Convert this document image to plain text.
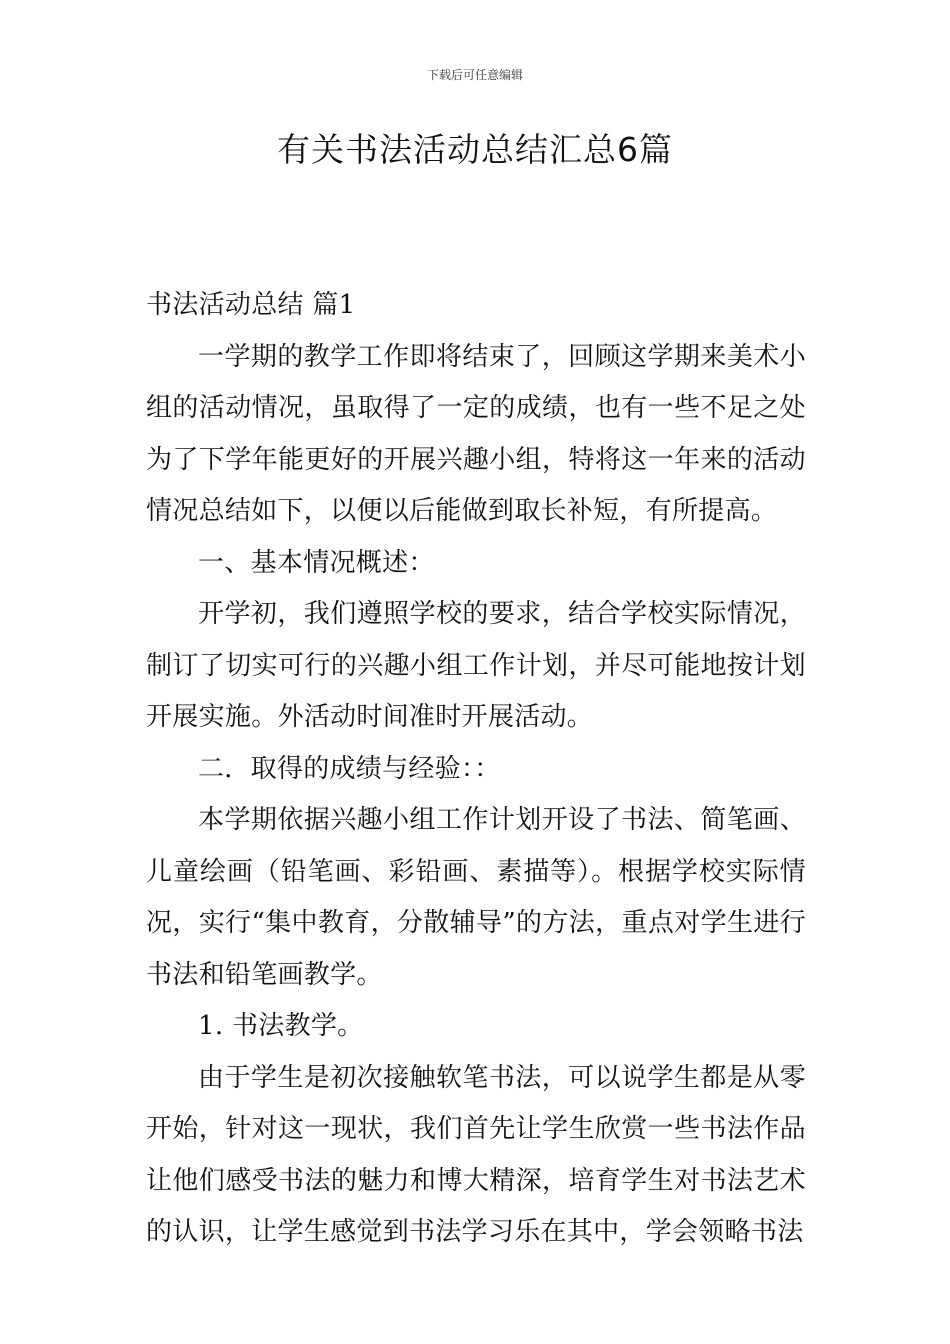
下载后可任意编辑
有关书法活动总结汇总6篇

书法活动总结 篇1

一学期的教学工作即将结束了，回顾这学期来美术小组的活动情况，虽取得了一定的成绩，也有一些不足之处为了下学年能更好的开展兴趣小组，特将这一年来的活动情况总结如下，以便以后能做到取长补短，有所提高。

一、基本情况概述：

开学初，我们遵照学校的要求，结合学校实际情况，制订了切实可行的兴趣小组工作计划，并尽可能地按计划开展实施。外活动时间准时开展活动。

二．取得的成绩与经验：：

本学期依据兴趣小组工作计划开设了书法、简笔画、儿童绘画（铅笔画、彩铅画、素描等）。根据学校实际情况，实行“集中教育，分散辅导”的方法，重点对学生进行书法和铅笔画教学。

1. 书法教学。

由于学生是初次接触软笔书法，可以说学生都是从零开始，针对这一现状，我们首先让学生欣赏一些书法作品让他们感受书法的魅力和博大精深，培育学生对书法艺术的认识，让学生感觉到书法学习乐在其中，学会领略书法
